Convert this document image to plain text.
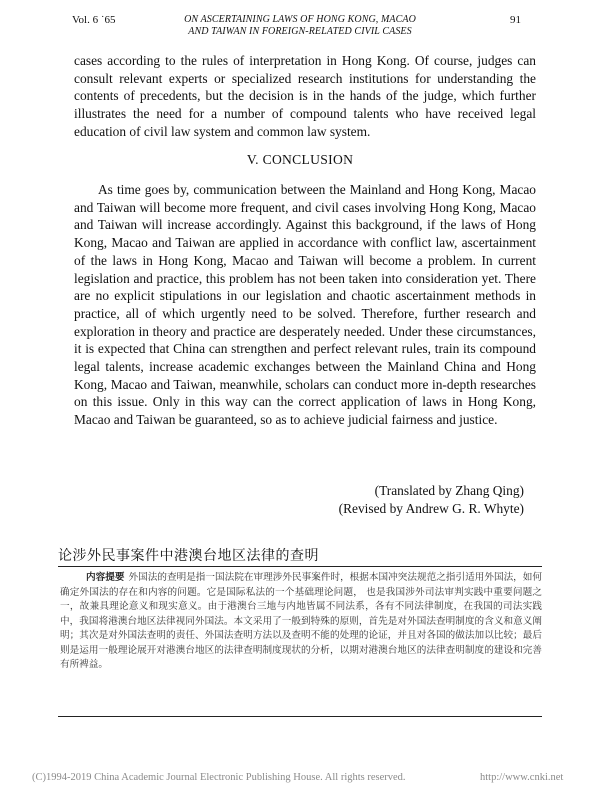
Vol. 6 ˙65	ON ASCERTAINING LAWS OF HONG KONG, MACAO
AND TAIWAN IN FOREIGN-RELATED CIVIL CASES
91

cases according to the rules of interpretation in Hong Kong. Of course, judges can consult relevant experts or specialized research institutions for understanding the contents of precedents, but the decision is in the hands of the judge, which further illustrates the need for a number of compound talents who have received legal education of civil law system and common law system.

V. CONCLUSION

As time goes by, communication between the Mainland and Hong Kong, Macao and Taiwan will become more frequent, and civil cases involving Hong Kong, Macao and Taiwan will increase accordingly. Against this background, if the laws of Hong Kong, Macao and Taiwan are applied in accordance with conflict law, ascertainment of the laws in Hong Kong, Macao and Taiwan will become a problem. In current legislation and practice, this problem has not been taken into consideration yet. There are no explicit stipulations in our legislation and chaotic ascertainment methods in practice, all of which urgently need to be solved. Therefore, further research and exploration in theory and practice are desperately needed. Under these circumstances, it is expected that China can strengthen and perfect relevant rules, train its compound legal talents, increase academic exchanges between the Mainland China and Hong Kong, Macao and Taiwan, meanwhile, scholars can conduct more in-depth researches on this issue. Only in this way can the correct application of laws in Hong Kong, Macao and Taiwan be guaranteed, so as to achieve judicial fairness and justice.

(Translated by Zhang Qing)
(Revised by Andrew G. R. Whyte)
论涉外民事案件中港澳台地区法律的查明
内容提要 外国法的查明是指一国法院在审理涉外民事案件时，根据本国冲突法规范之指引适用外国法，如何确定外国法的存在和内容的问题。它是国际私法的一个基础理论问题， 也是我国涉外司法审判实践中重要问题之一，故兼具理论意义和现实意义。由于港澳台三地与内地皆属不同法系，各有不同法律制度，在我国的司法实践中，我国将港澳台地区法律视同外国法。本文采用了一般到特殊的原则，首先是对外国法查明制度的含义和意义阐明；其次是对外国法查明的责任、外国法查明方法以及查明不能的处理的论证，并且对各国的做法加以比较；最后则是运用一般理论展开对港澳台地区的法律查明制度现状的分析，以期对港澳台地区的法律查明制度的建设和完善有所裨益。
(C)1994-2019 China Academic Journal Electronic Publishing House. All rights reserved.	http://www.cnki.net
